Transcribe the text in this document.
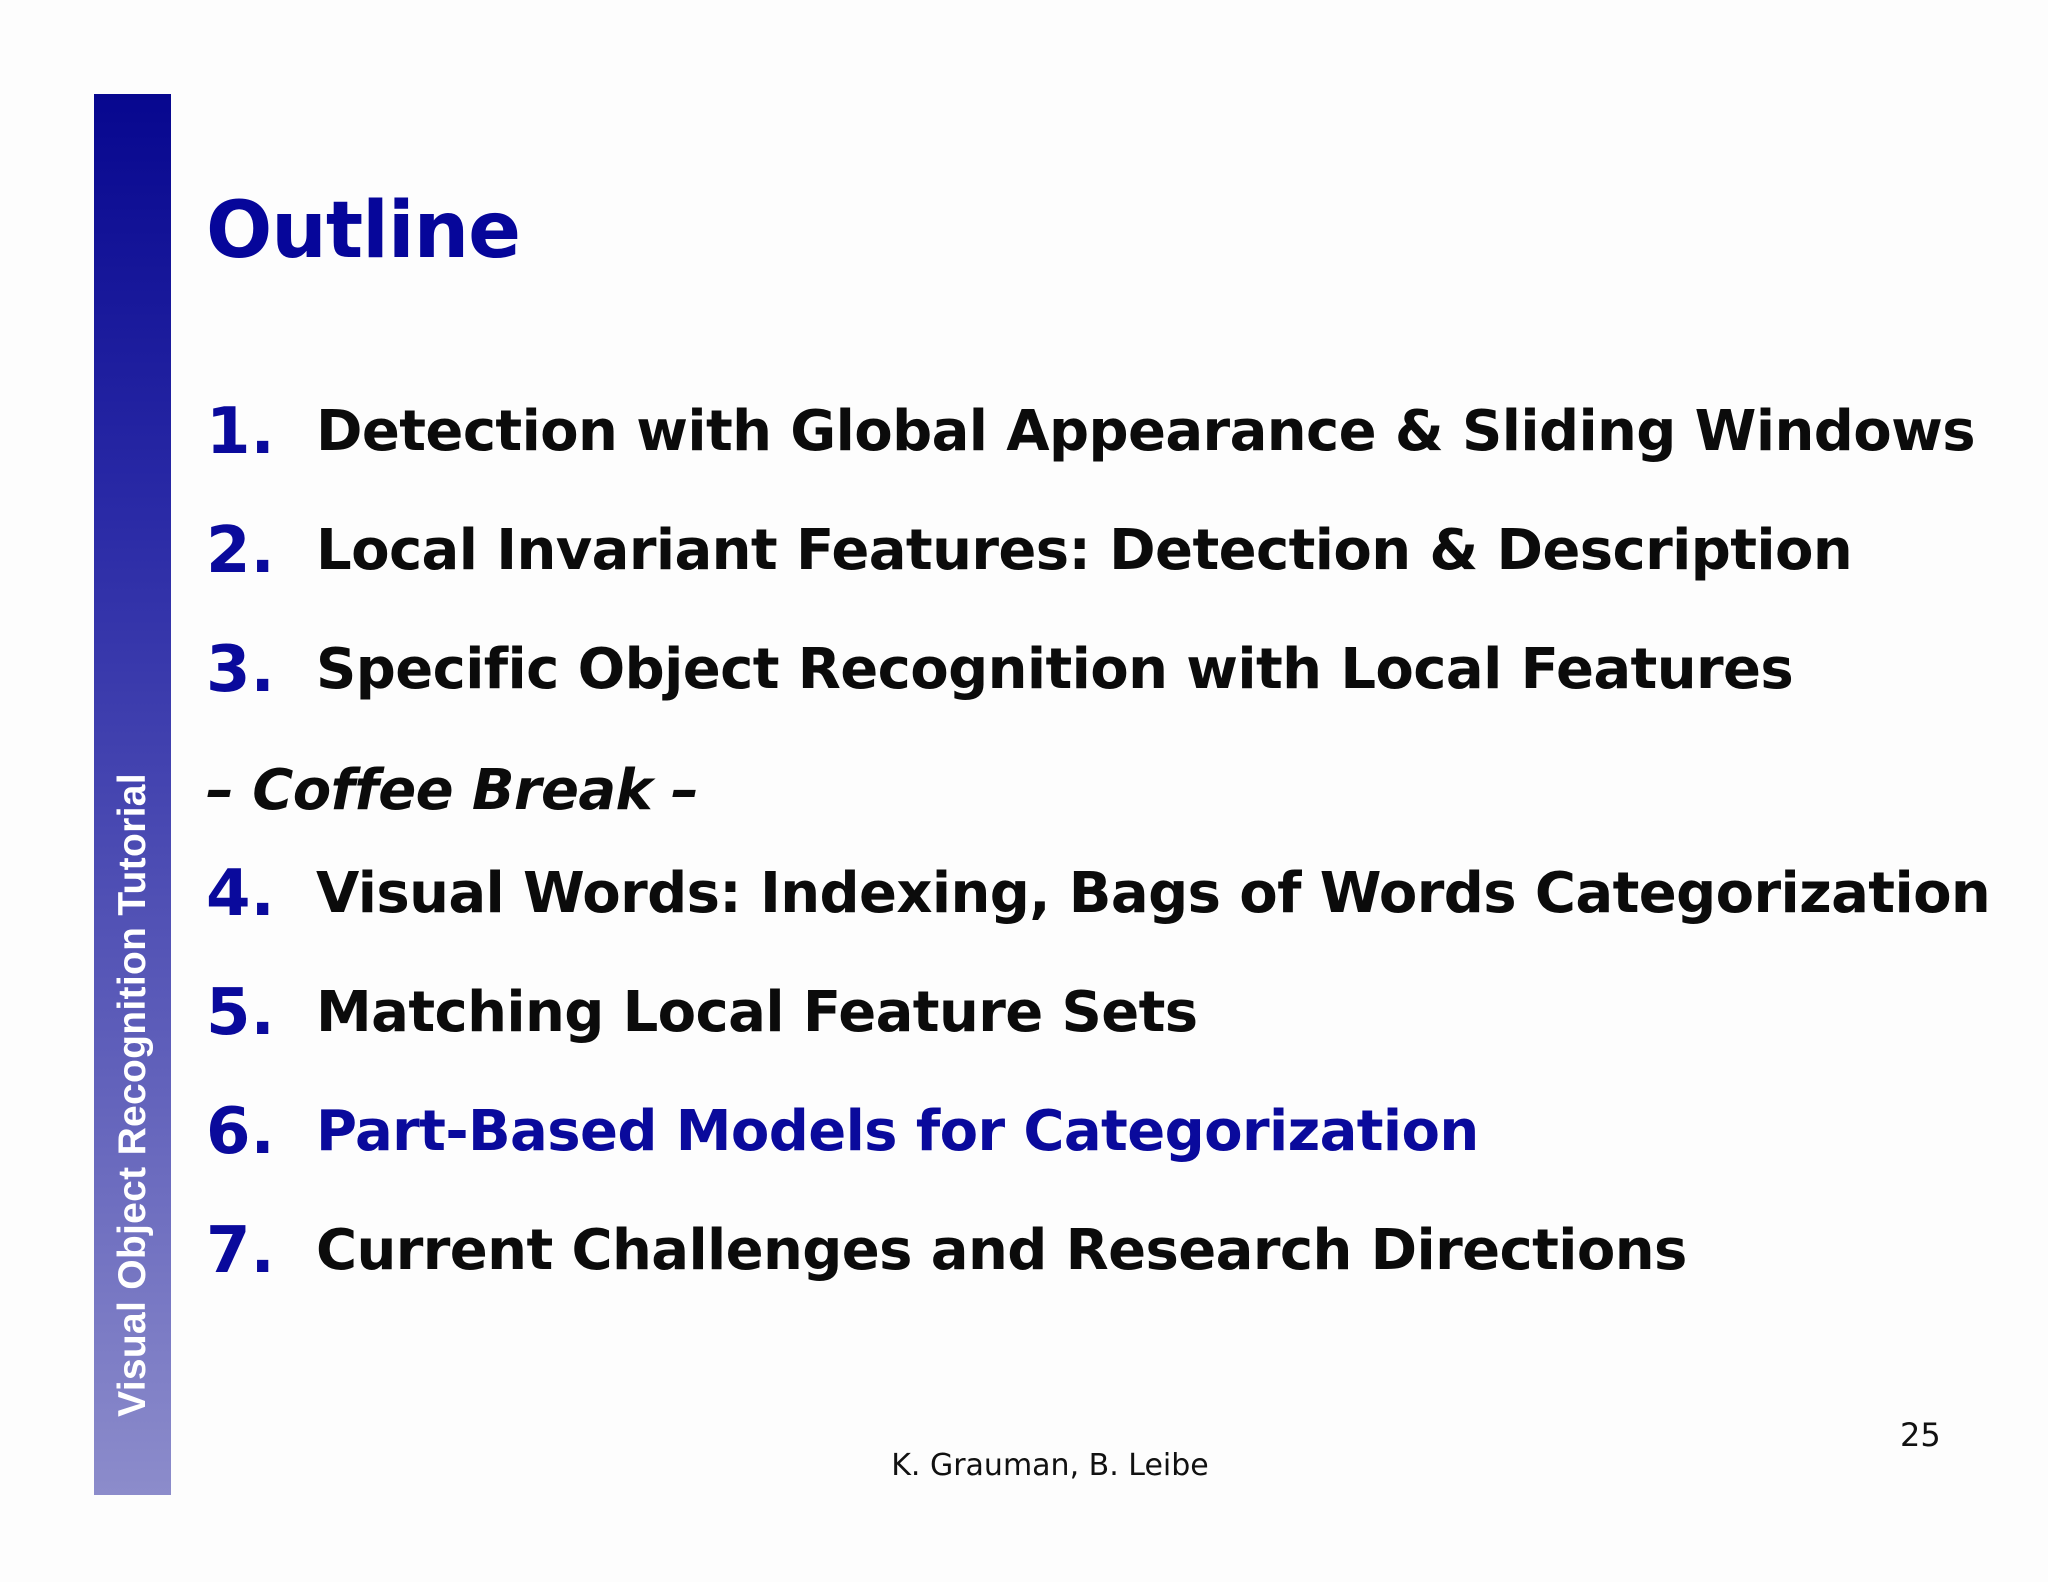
Visual Object Recognition Tutorial
Outline
1. Detection with Global Appearance & Sliding Windows
2. Local Invariant Features: Detection & Description
3. Specific Object Recognition with Local Features
– Coffee Break –
4. Visual Words: Indexing, Bags of Words Categorization
5. Matching Local Feature Sets
6. Part-Based Models for Categorization
7. Current Challenges and Research Directions
K. Grauman, B. Leibe
25
